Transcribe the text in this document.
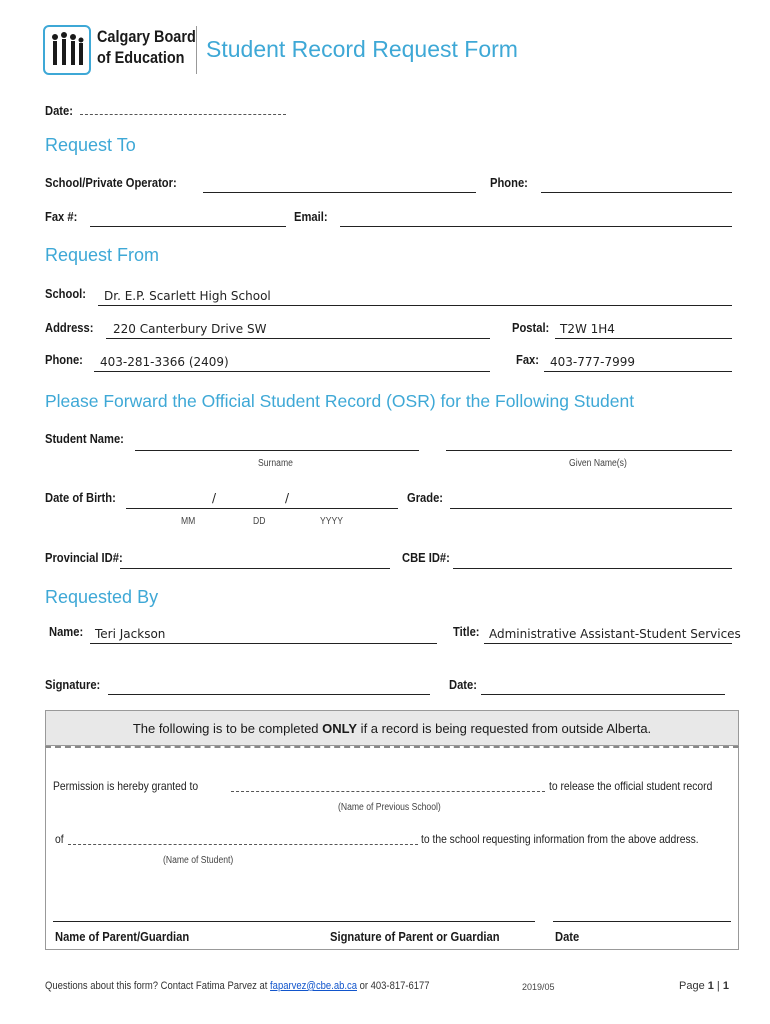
Calgary Board
of Education Student Record Request Form
Date:
Request To
School/Private Operator:	Phone:
Fax #:	Email:
Request From
School: Dr. E.P. Scarlett High School
Address: 220 Canterbury Drive SW	Postal: T2W 1H4
Phone: 403-281-3366 (2409)	Fax: 403-777-7999
Please Forward the Official Student Record (OSR) for the Following Student
Student Name:
Surname	Given Name(s)
Date of Birth:	/	/
MM	DD	YYYY
Grade:
Provincial ID#:	CBE ID#:
Requested By
Name: Teri Jackson	Title: Administrative Assistant-Student Services
Signature:	Date:
The following is to be completed ONLY if a record is being requested from outside Alberta.
Permission is hereby granted to	to release the official student record
(Name of Previous School)
of	to the school requesting information from the above address.
(Name of Student)
Name of Parent/Guardian	Signature of Parent or Guardian	Date
Questions about this form? Contact Fatima Parvez at faparvez@cbe.ab.ca or 403-817-6177	2019/05	Page 1 | 1
